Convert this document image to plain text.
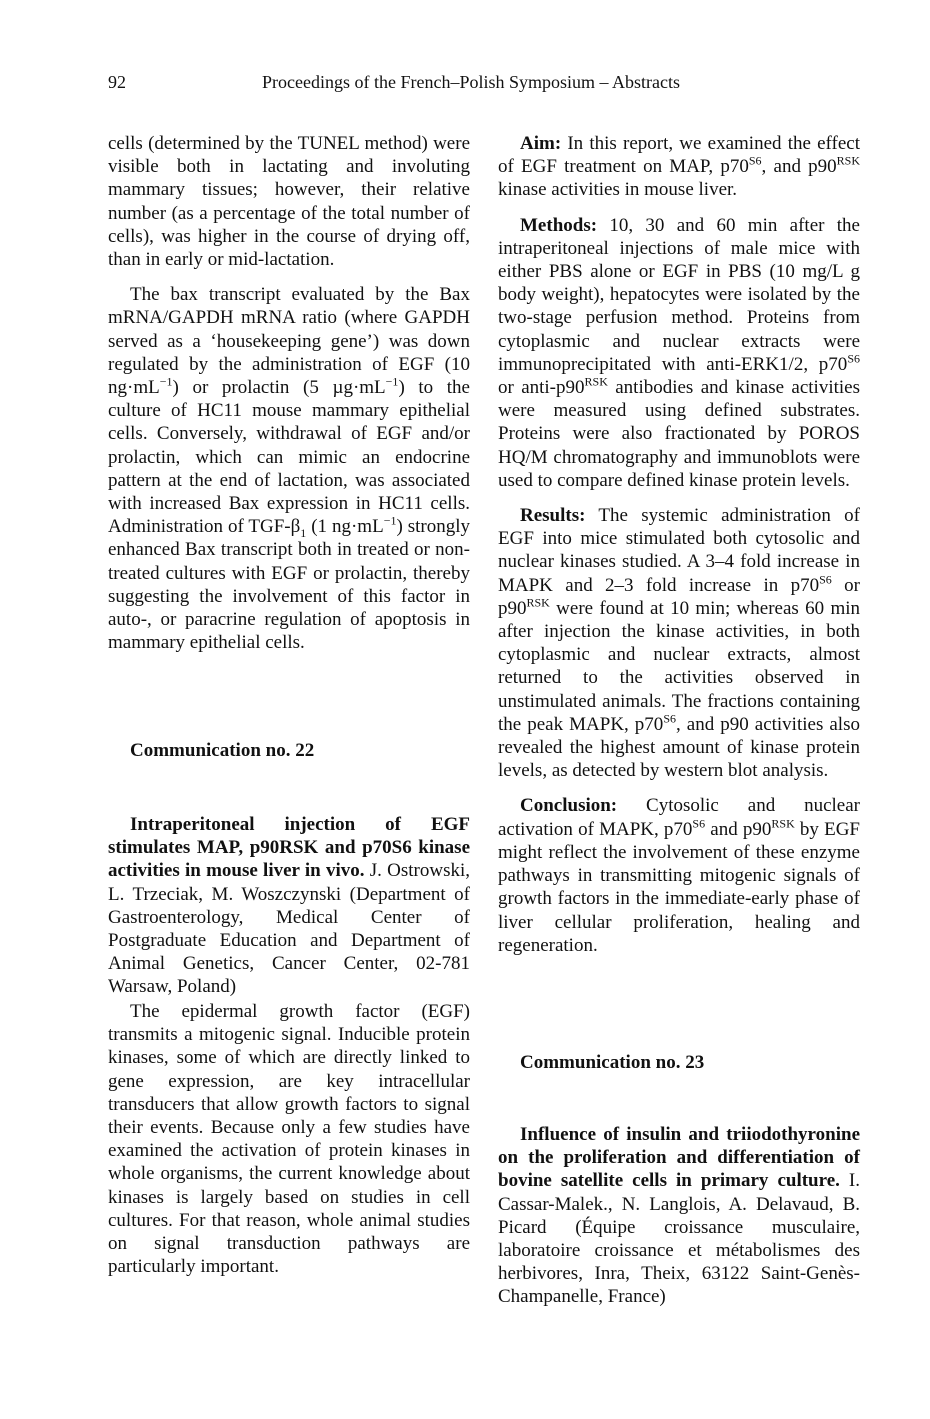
92	Proceedings of the French–Polish Symposium – Abstracts

cells (determined by the TUNEL method) were visible both in lactating and involuting mammary tissues; however, their relative number (as a percentage of the total number of cells), was higher in the course of drying off, than in early or mid-lactation.

The bax transcript evaluated by the Bax mRNA/GAPDH mRNA ratio (where GAPDH served as a ‘housekeeping gene’) was down regulated by the administration of EGF (10 $ng\cdot mL^{-1}$) or prolactin (5 $\mu g\cdot mL^{-1}$) to the culture of HC11 mouse mammary epithelial cells. Conversely, withdrawal of EGF and/or prolactin, which can mimic an endocrine pattern at the end of lactation, was associated with increased Bax expression in HC11 cells. Administration of TGF-$\beta_1$ (1 $ng\cdot mL^{-1}$) strongly enhanced Bax transcript both in treated or non-treated cultures with EGF or prolactin, thereby suggesting the involvement of this factor in auto-, or paracrine regulation of apoptosis in mammary epithelial cells.

Communication no. 22

Intraperitoneal injection of EGF stimulates MAP, p90RSK and p70S6 kinase activities in mouse liver in vivo. J. Ostrowski, L. Trzeciak, M. Woszczynski (Department of Gastroenterology, Medical Center of Postgraduate Education and Department of Animal Genetics, Cancer Center, 02-781 Warsaw, Poland)

The epidermal growth factor (EGF) transmits a mitogenic signal. Inducible protein kinases, some of which are directly linked to gene expression, are key intracellular transducers that allow growth factors to signal their events. Because only a few studies have examined the activation of protein kinases in whole organisms, the current knowledge about kinases is largely based on studies in cell cultures. For that reason, whole animal studies on signal transduction pathways are particularly important.

Aim: In this report, we examined the effect of EGF treatment on MAP, $p70^{S6}$, and $p90^{RSK}$ kinase activities in mouse liver.

Methods: 10, 30 and 60 min after the intraperitoneal injections of male mice with either PBS alone or EGF in PBS (10 mg/L g body weight), hepatocytes were isolated by the two-stage perfusion method. Proteins from cytoplasmic and nuclear extracts were immunoprecipitated with anti-ERK1/2, $p70^{S6}$ or anti-$p90^{RSK}$ antibodies and kinase activities were measured using defined substrates. Proteins were also fractionated by POROS HQ/M chromatography and immunoblots were used to compare defined kinase protein levels.

Results: The systemic administration of EGF into mice stimulated both cytosolic and nuclear kinases studied. A 3–4 fold increase in MAPK and 2–3 fold increase in $p70^{S6}$ or $p90^{RSK}$ were found at 10 min; whereas 60 min after injection the kinase activities, in both cytoplasmic and nuclear extracts, almost returned to the activities observed in unstimulated animals. The fractions containing the peak MAPK, $p70^{S6}$, and p90 activities also revealed the highest amount of kinase protein levels, as detected by western blot analysis.

Conclusion: Cytosolic and nuclear activation of MAPK, $p70^{S6}$ and $p90^{RSK}$ by EGF might reflect the involvement of these enzyme pathways in transmitting mitogenic signals of growth factors in the immediate-early phase of liver cellular proliferation, healing and regeneration.

Communication no. 23

Influence of insulin and triiodothyronine on the proliferation and differentiation of bovine satellite cells in primary culture. I. Cassar-Malek., N. Langlois, A. Delavaud, B. Picard (Équipe croissance musculaire, laboratoire croissance et métabolismes des herbivores, Inra, Theix, 63122 Saint-Genès-Champanelle, France)
